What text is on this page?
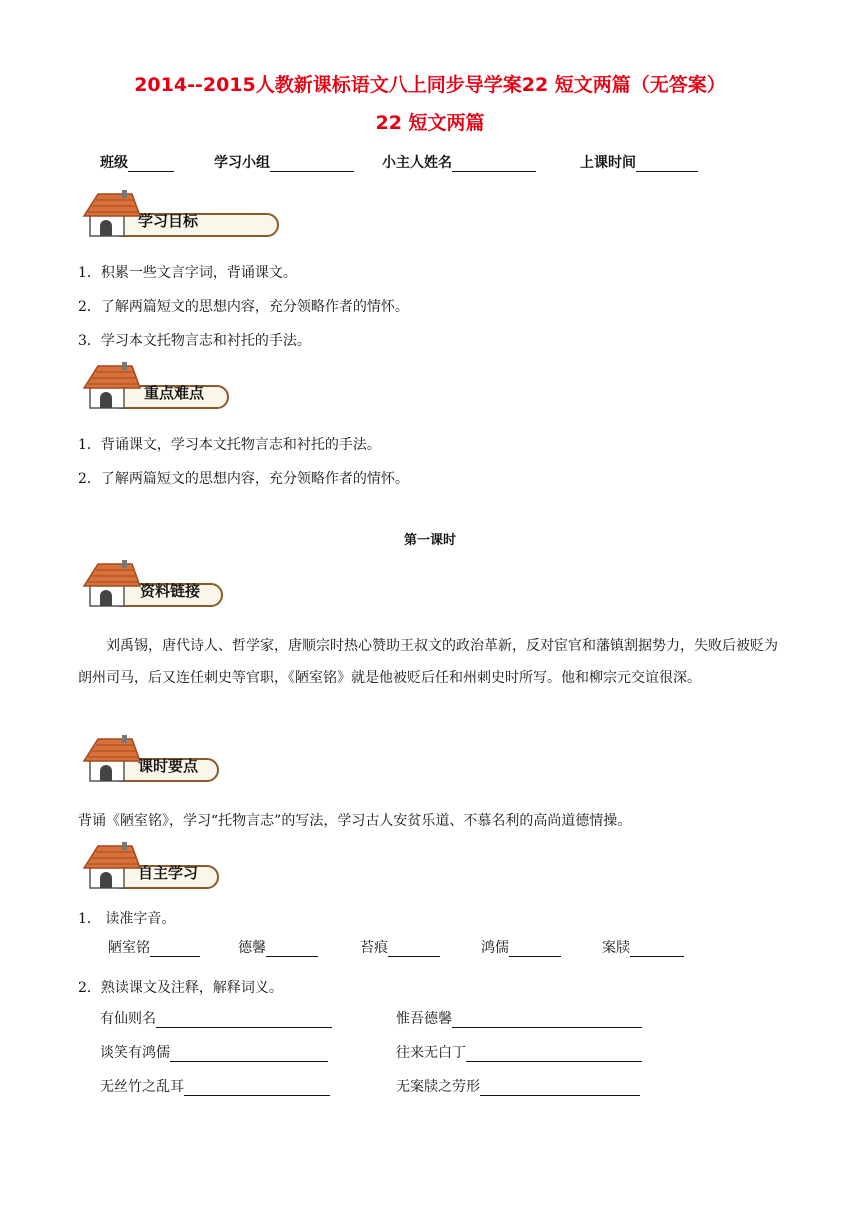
2014--2015人教新课标语文八上同步导学案22 短文两篇（无答案）
22 短文两篇
班级	学习小组	小主人姓名	上课时间
学习目标
1．积累一些文言字词，背诵课文。
2．了解两篇短文的思想内容，充分领略作者的情怀。
3．学习本文托物言志和衬托的手法。
重点难点
1．背诵课文，学习本文托物言志和衬托的手法。
2．了解两篇短文的思想内容，充分领略作者的情怀。
第一课时
资料链接
刘禹锡，唐代诗人、哲学家，唐顺宗时热心赞助王叔文的政治革新，反对宦官和藩镇割据势力，失败后被贬为朗州司马，后又连任刺史等官职，《陋室铭》就是他被贬后任和州刺史时所写。他和柳宗元交谊很深。
课时要点
背诵《陋室铭》，学习“托物言志”的写法，学习古人安贫乐道、不慕名利的高尚道德情操。
自主学习
1． 读准字音。
陋室铭	德馨	苔痕	鸿儒	案牍
2．熟读课文及注释，解释词义。
有仙则名	惟吾德馨
谈笑有鸿儒	往来无白丁
无丝竹之乱耳	无案牍之劳形
